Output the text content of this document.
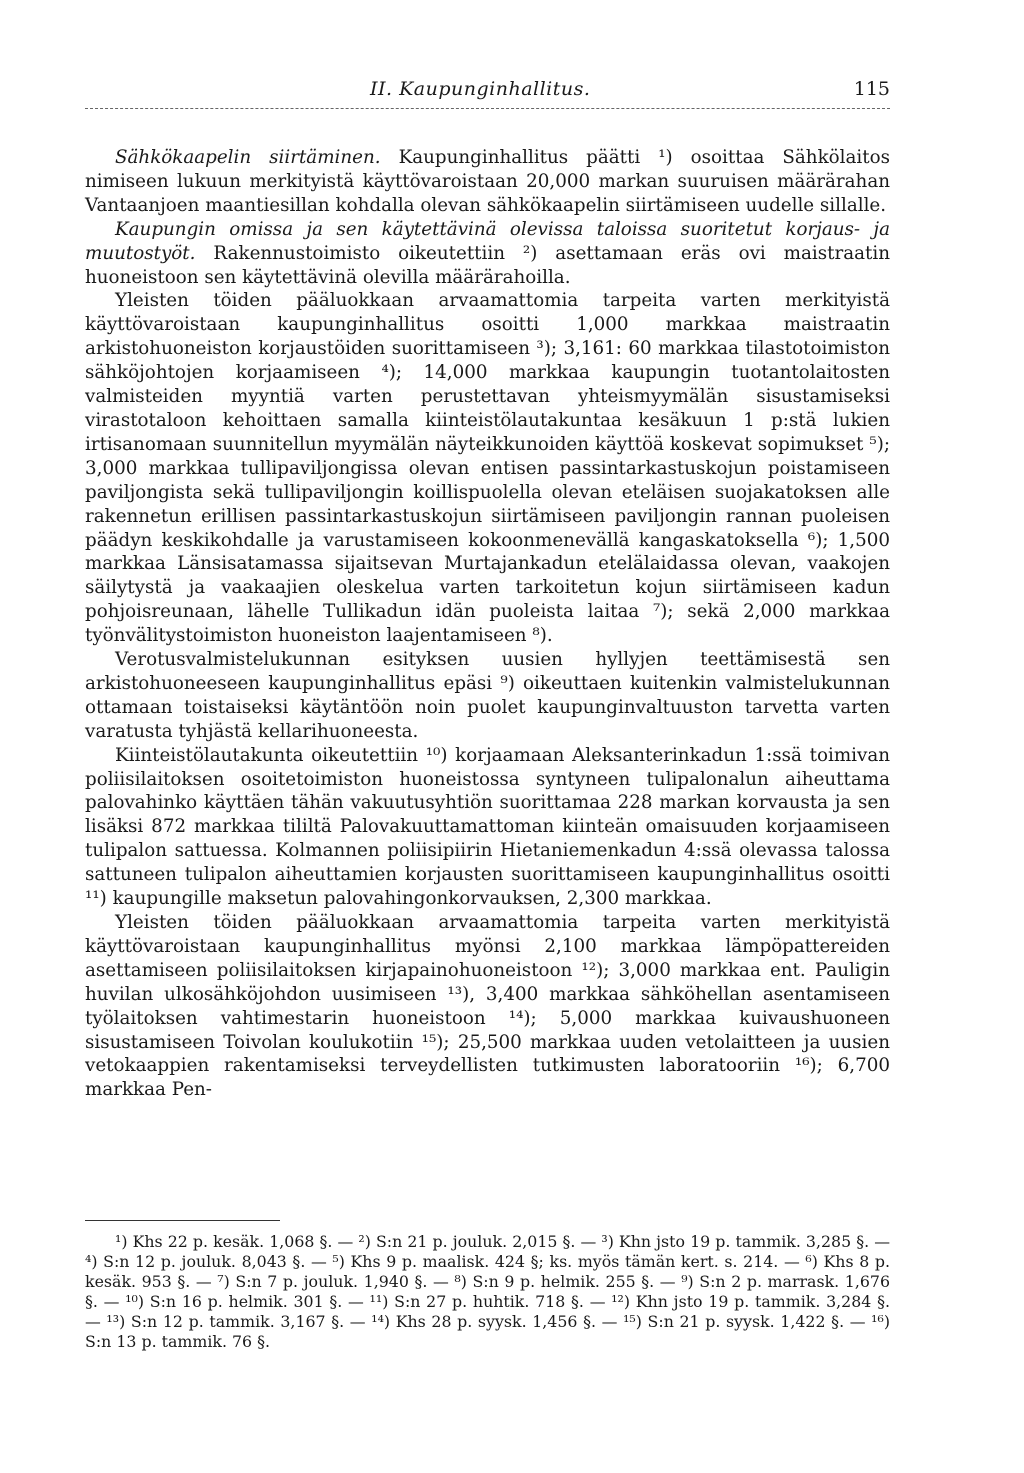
II. Kaupunginhallitus.	115

Sähkökaapelin siirtäminen. Kaupunginhallitus päätti ¹) osoittaa Sähkölaitos nimiseen lukuun merkityistä käyttövaroistaan 20,000 markan suuruisen määrärahan Vantaanjoen maantiesillan kohdalla olevan sähkökaapelin siirtämiseen uudelle sillalle.

Kaupungin omissa ja sen käytettävinä olevissa taloissa suoritetut korjaus- ja muutostyöt. Rakennustoimisto oikeutettiin ²) asettamaan eräs ovi maistraatin huoneistoon sen käytettävinä olevilla määrärahoilla.

Yleisten töiden pääluokkaan arvaamattomia tarpeita varten merkityistä käyttövaroistaan kaupunginhallitus osoitti 1,000 markkaa maistraatin arkistohuoneiston korjaustöiden suorittamiseen ³); 3,161: 60 markkaa tilastotoimiston sähköjohtojen korjaamiseen ⁴); 14,000 markkaa kaupungin tuotantolaitosten valmisteiden myyntiä varten perustettavan yhteismyymälän sisustamiseksi virastotaloon kehoittaen samalla kiinteistölautakuntaa kesäkuun 1 p:stä lukien irtisanomaan suunnitellun myymälän näyteikkunoiden käyttöä koskevat sopimukset ⁵); 3,000 markkaa tullipaviljongissa olevan entisen passintarkastuskojun poistamiseen paviljongista sekä tullipaviljongin koillispuolella olevan eteläisen suojakatoksen alle rakennetun erillisen passintarkastuskojun siirtämiseen paviljongin rannan puoleisen päädyn keskikohdalle ja varustamiseen kokoonmenevällä kangaskatoksella ⁶); 1,500 markkaa Länsisatamassa sijaitsevan Murtajankadun etelälaidassa olevan, vaakojen säilytystä ja vaakaajien oleskelua varten tarkoitetun kojun siirtämiseen kadun pohjoisreunaan, lähelle Tullikadun idän puoleista laitaa ⁷); sekä 2,000 markkaa työnvälitystoimiston huoneiston laajentamiseen ⁸).

Verotusvalmistelukunnan esityksen uusien hyllyjen teettämisestä sen arkistohuoneeseen kaupunginhallitus epäsi ⁹) oikeuttaen kuitenkin valmistelukunnan ottamaan toistaiseksi käytäntöön noin puolet kaupunginvaltuuston tarvetta varten varatusta tyhjästä kellarihuoneesta.

Kiinteistölautakunta oikeutettiin ¹⁰) korjaamaan Aleksanterinkadun 1:ssä toimivan poliisilaitoksen osoitetoimiston huoneistossa syntyneen tulipalonalun aiheuttama palovahinko käyttäen tähän vakuutusyhtiön suorittamaa 228 markan korvausta ja sen lisäksi 872 markkaa tililtä Palovakuuttamattoman kiinteän omaisuuden korjaamiseen tulipalon sattuessa. Kolmannen poliisipiirin Hietaniemenkadun 4:ssä olevassa talossa sattuneen tulipalon aiheuttamien korjausten suorittamiseen kaupunginhallitus osoitti ¹¹) kaupungille maksetun palovahingonkorvauksen, 2,300 markkaa.

Yleisten töiden pääluokkaan arvaamattomia tarpeita varten merkityistä käyttövaroistaan kaupunginhallitus myönsi 2,100 markkaa lämpöpattereiden asettamiseen poliisilaitoksen kirjapainohuoneistoon ¹²); 3,000 markkaa ent. Pauligin huvilan ulkosähköjohdon uusimiseen ¹³), 3,400 markkaa sähköhellan asentamiseen työlaitoksen vahtimestarin huoneistoon ¹⁴); 5,000 markkaa kuivaushuoneen sisustamiseen Toivolan koulukotiin ¹⁵); 25,500 markkaa uuden vetolaitteen ja uusien vetokaappien rakentamiseksi terveydellisten tutkimusten laboratooriin ¹⁶); 6,700 markkaa Pen-

¹) Khs 22 p. kesäk. 1,068 §. — ²) S:n 21 p. jouluk. 2,015 §. — ³) Khn jsto 19 p. tammik. 3,285 §. — ⁴) S:n 12 p. jouluk. 8,043 §. — ⁵) Khs 9 p. maalisk. 424 §; ks. myös tämän kert. s. 214. — ⁶) Khs 8 p. kesäk. 953 §. — ⁷) S:n 7 p. jouluk. 1,940 §. — ⁸) S:n 9 p. helmik. 255 §. — ⁹) S:n 2 p. marrask. 1,676 §. — ¹⁰) S:n 16 p. helmik. 301 §. — ¹¹) S:n 27 p. huhtik. 718 §. — ¹²) Khn jsto 19 p. tammik. 3,284 §. — ¹³) S:n 12 p. tammik. 3,167 §. — ¹⁴) Khs 28 p. syysk. 1,456 §. — ¹⁵) S:n 21 p. syysk. 1,422 §. — ¹⁶) S:n 13 p. tammik. 76 §.
